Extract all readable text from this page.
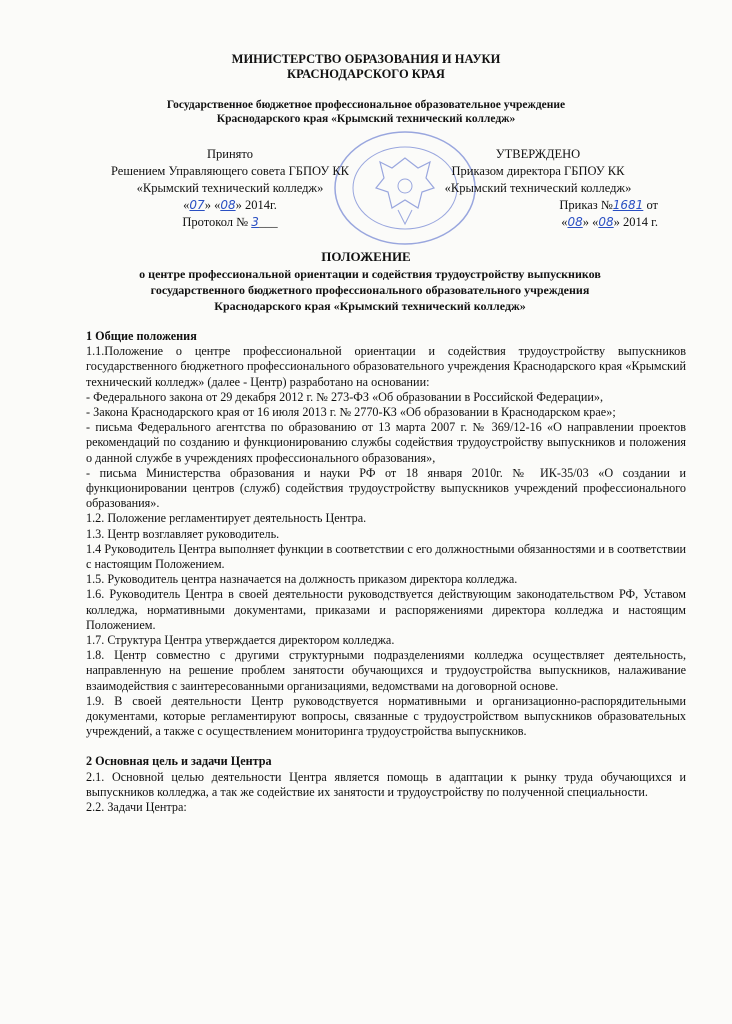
МИНИСТЕРСТВО ОБРАЗОВАНИЯ И НАУКИ
КРАСНОДАРСКОГО КРАЯ
Государственное бюджетное профессиональное образовательное учреждение
Краснодарского края «Крымский технический колледж»
Принято
Решением Управляющего совета ГБПОУ КК
«Крымский технический колледж»
«07» «08» 2014г.
Протокол № 3___
УТВЕРЖДЕНО
Приказом директора ГБПОУ КК
«Крымский технический колледж»
Приказ №1681 от
«08» «08» 2014 г.
ПОЛОЖЕНИЕ
о центре профессиональной ориентации и содействия трудоустройству выпускников
государственного бюджетного профессионального образовательного учреждения
Краснодарского края «Крымский технический колледж»

1 Общие положения

1.1.Положение о центре профессиональной ориентации и содействия трудоустройству выпускников государственного бюджетного профессионального образовательного учреждения Краснодарского края «Крымский технический колледж» (далее - Центр) разработано на основании:

- Федерального закона от 29 декабря 2012 г. № 273-ФЗ «Об образовании в Российской Федерации»,

- Закона Краснодарского края от 16 июля 2013 г. № 2770-КЗ «Об образовании в Краснодарском крае»;

- письма Федерального агентства по образованию от 13 марта 2007 г. № 369/12-16 «О направлении проектов рекомендаций по созданию и функционированию службы содействия трудоустройству выпускников и положения о данной службе в учреждениях профессионального образования»,

- письма Министерства образования и науки РФ от 18 января 2010г. № ИК-35/03 «О создании и функционировании центров (служб) содействия трудоустройству выпускников учреждений профессионального образования».

1.2. Положение регламентирует деятельность Центра.

1.3. Центр возглавляет руководитель.

1.4 Руководитель Центра выполняет функции в соответствии с его должностными обязанностями и в соответствии с настоящим Положением.

1.5. Руководитель центра назначается на должность приказом директора колледжа.

1.6. Руководитель Центра в своей деятельности руководствуется действующим законодательством РФ, Уставом колледжа, нормативными документами, приказами и распоряжениями директора колледжа и настоящим Положением.

1.7. Структура Центра утверждается директором колледжа.

1.8. Центр совместно с другими структурными подразделениями колледжа осуществляет деятельность, направленную на решение проблем занятости обучающихся и трудоустройства выпускников, налаживание взаимодействия с заинтересованными организациями, ведомствами на договорной основе.

1.9. В своей деятельности Центр руководствуется нормативными и организационно-распорядительными документами, которые регламентируют вопросы, связанные с трудоустройством выпускников образовательных учреждений, а также с осуществлением мониторинга трудоустройства выпускников.

2 Основная цель и задачи Центра

2.1. Основной целью деятельности Центра является помощь в адаптации к рынку труда обучающихся и выпускников колледжа, а так же содействие их занятости и трудоустройству по полученной специальности.

2.2. Задачи Центра:
